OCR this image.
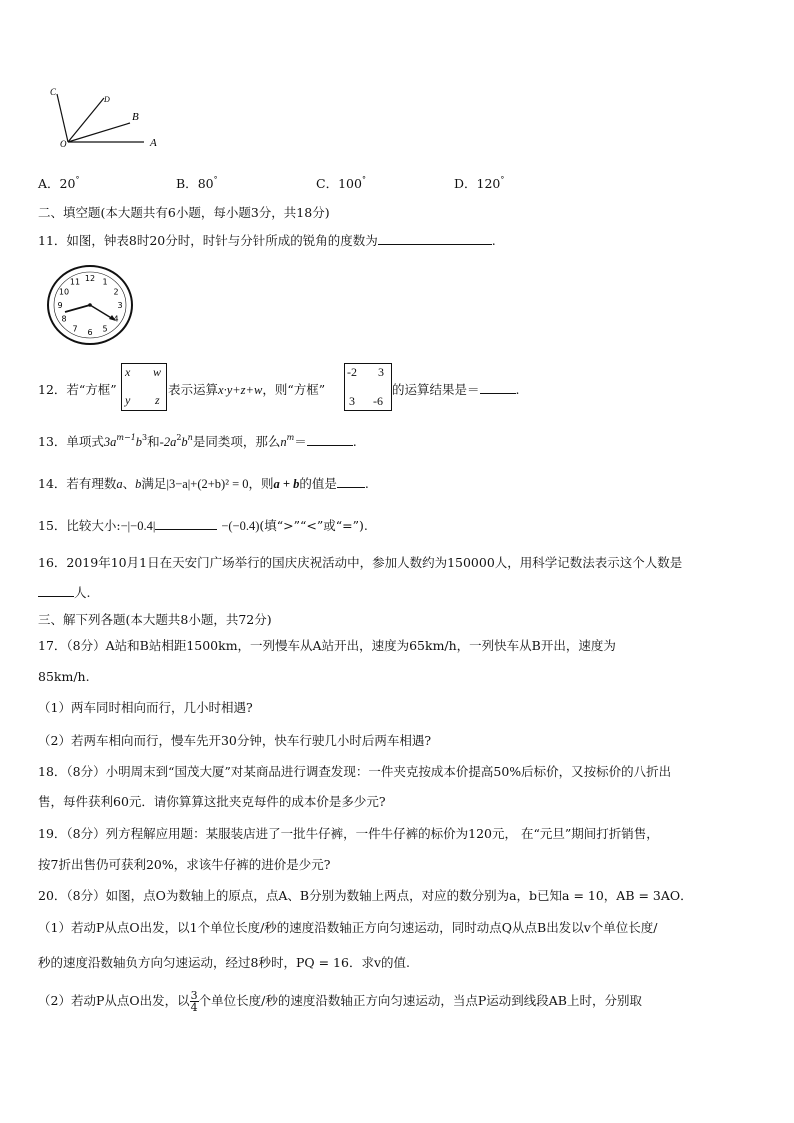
C
D
B
O	A
A．20°	B．80°	C．100°	D．120°
二、填空题(本大题共有6小题，每小题3分，共18分)
11．如图，钟表8时20分时，时针与分针所成的锐角的度数为	.
12 1
2
3
4
5
6
7
8
9
10
11
12．若“方框”
x w
y z
表示运算x·y+z+w，则“方框”
-2 3
3 -6
的运算结果是＝	.
13．单项式$3a^{m-1}b^3$和$-2a^2b^n$是同类项，那么$n^m=$	.
14．若有理数a、b满足|3−a|+(2+b)² = 0，则a + b的值是 .
15．比较大小:−|−0.4|	−(−0.4)(填“>”“<”或“=”).
16．2019年10月1日在天安门广场举行的国庆庆祝活动中，参加人数约为150000人，用科学记数法表示这个人数是
人.
三、解下列各题(本大题共8小题，共72分)
17．（8分）A站和B站相距1500km，一列慢车从A站开出，速度为65km/h，一列快车从B开出，速度为
85km/h.
（1）两车同时相向而行，几小时相遇?
（2）若两车相向而行，慢车先开30分钟，快车行驶几小时后两车相遇?
18．（8分）小明周末到“国茂大厦”对某商品进行调查发现：一件夹克按成本价提高50%后标价，又按标价的八折出
售，每件获利60元．请你算算这批夹克每件的成本价是多少元?
19．（8分）列方程解应用题：某服装店进了一批牛仔裤，一件牛仔裤的标价为120元， 在“元旦”期间打折销售，
按7折出售仍可获利20%，求该牛仔裤的进价是少元?
20．（8分）如图，点O为数轴上的原点，点A、B分别为数轴上两点，对应的数分别为a，b已知a = 10，AB = 3AO．
（1）若动P从点O出发，以1个单位长度/秒的速度沿数轴正方向匀速运动，同时动点Q从点B出发以v个单位长度/
秒的速度沿数轴负方向匀速运动，经过8秒时，PQ = 16．求v的值.
（2）若动P从点O出发，以 $\frac{3}{4}$ 个单位长度/秒的速度沿数轴正方向匀速运动，当点P运动到线段AB上时，分别取
